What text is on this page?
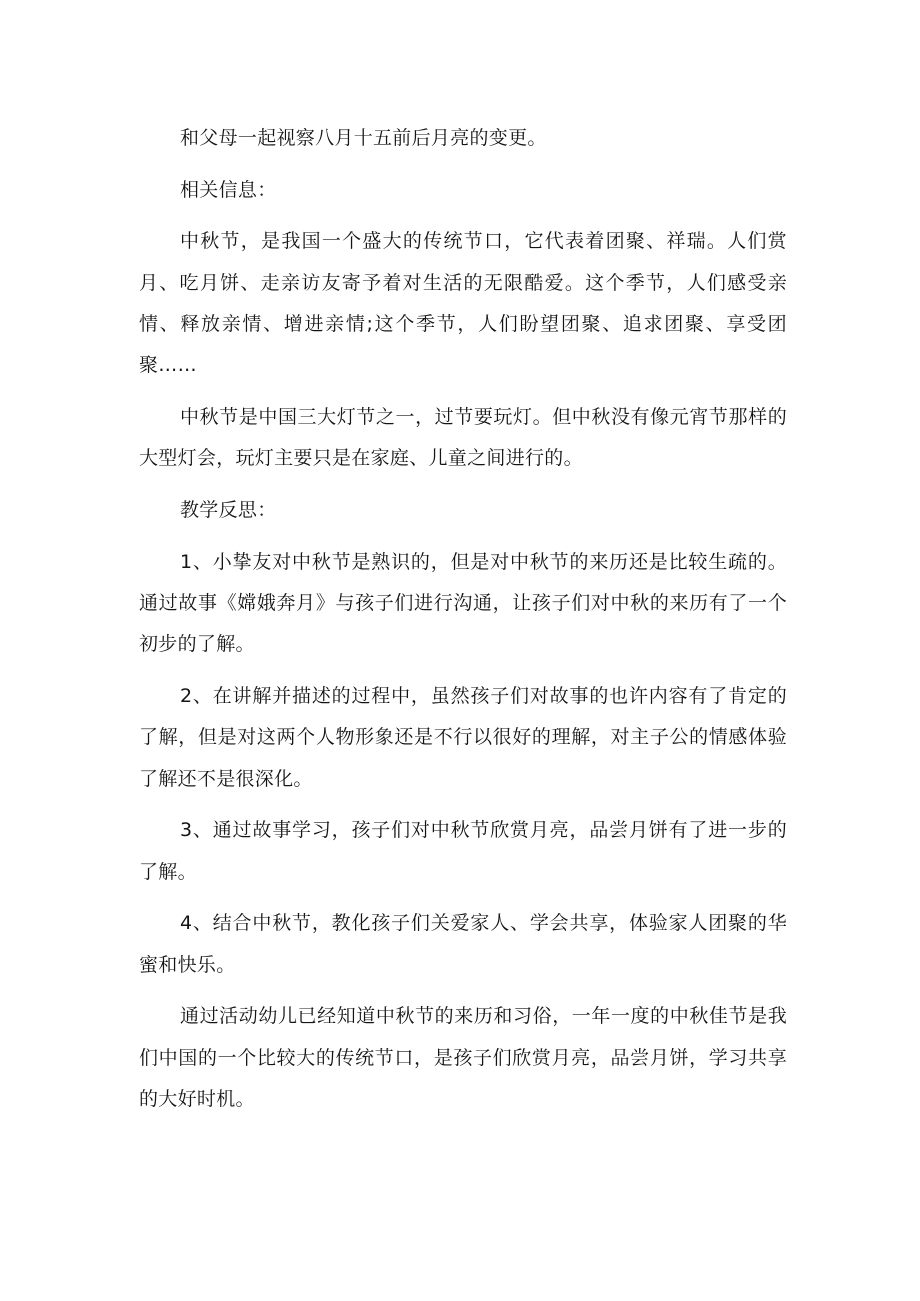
和父母一起视察八月十五前后月亮的变更。

相关信息：

中秋节，是我国一个盛大的传统节口，它代表着团聚、祥瑞。人们赏月、吃月饼、走亲访友寄予着对生活的无限酷爱。这个季节，人们感受亲情、释放亲情、增进亲情;这个季节，人们盼望团聚、追求团聚、享受团聚……

中秋节是中国三大灯节之一，过节要玩灯。但中秋没有像元宵节那样的大型灯会，玩灯主要只是在家庭、儿童之间进行的。

教学反思：

1、小挚友对中秋节是熟识的，但是对中秋节的来历还是比较生疏的。通过故事《嫦娥奔月》与孩子们进行沟通，让孩子们对中秋的来历有了一个初步的了解。

2、在讲解并描述的过程中，虽然孩子们对故事的也许内容有了肯定的了解，但是对这两个人物形象还是不行以很好的理解，对主子公的情感体验了解还不是很深化。

3、通过故事学习，孩子们对中秋节欣赏月亮，品尝月饼有了进一步的了解。

4、结合中秋节，教化孩子们关爱家人、学会共享，体验家人团聚的华蜜和快乐。

通过活动幼儿已经知道中秋节的来历和习俗，一年一度的中秋佳节是我们中国的一个比较大的传统节口，是孩子们欣赏月亮，品尝月饼，学习共享的大好时机。
